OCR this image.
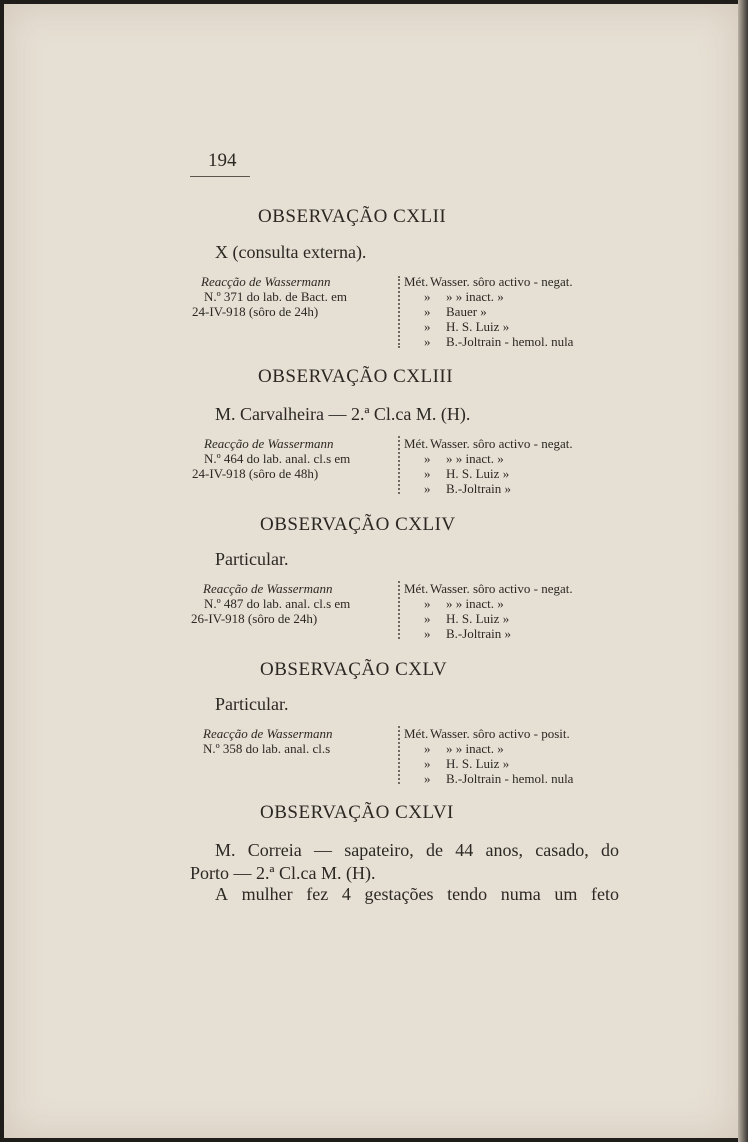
194
OBSERVAÇÃO CXLII
X (consulta externa).
Reacção de Wassermann
N.º 371 do lab. de Bact. em
24-IV-918 (sôro de 24h)
Mét. Wasser. sôro activo - negat.
» » » inact. »
» Bauer »
» H. S. Luiz »
» B.-Joltrain - hemol. nula
OBSERVAÇÃO CXLIII
M. Carvalheira — 2.ª Cl.ca M. (H).
Reacção de Wassermann
N.º 464 do lab. anal. cl.s em
24-IV-918 (sôro de 48h)
Mét. Wasser. sôro activo - negat.
» » » inact. »
» H. S. Luiz »
» B.-Joltrain »
OBSERVAÇÃO CXLIV
Particular.
Reacção de Wassermann
N.º 487 do lab. anal. cl.s em
26-IV-918 (sôro de 24h)
Mét. Wasser. sôro activo - negat.
» » » inact. »
» H. S. Luiz »
» B.-Joltrain »
OBSERVAÇÃO CXLV
Particular.
Reacção de Wassermann
N.º 358 do lab. anal. cl.s
Mét. Wasser. sôro activo - posit.
» » » inact. »
» H. S. Luiz »
» B.-Joltrain - hemol. nula
OBSERVAÇÃO CXLVI
M. Correia — sapateiro, de 44 anos, casado, do
Porto — 2.ª Cl.ca M. (H).
A mulher fez 4 gestações tendo numa um feto
